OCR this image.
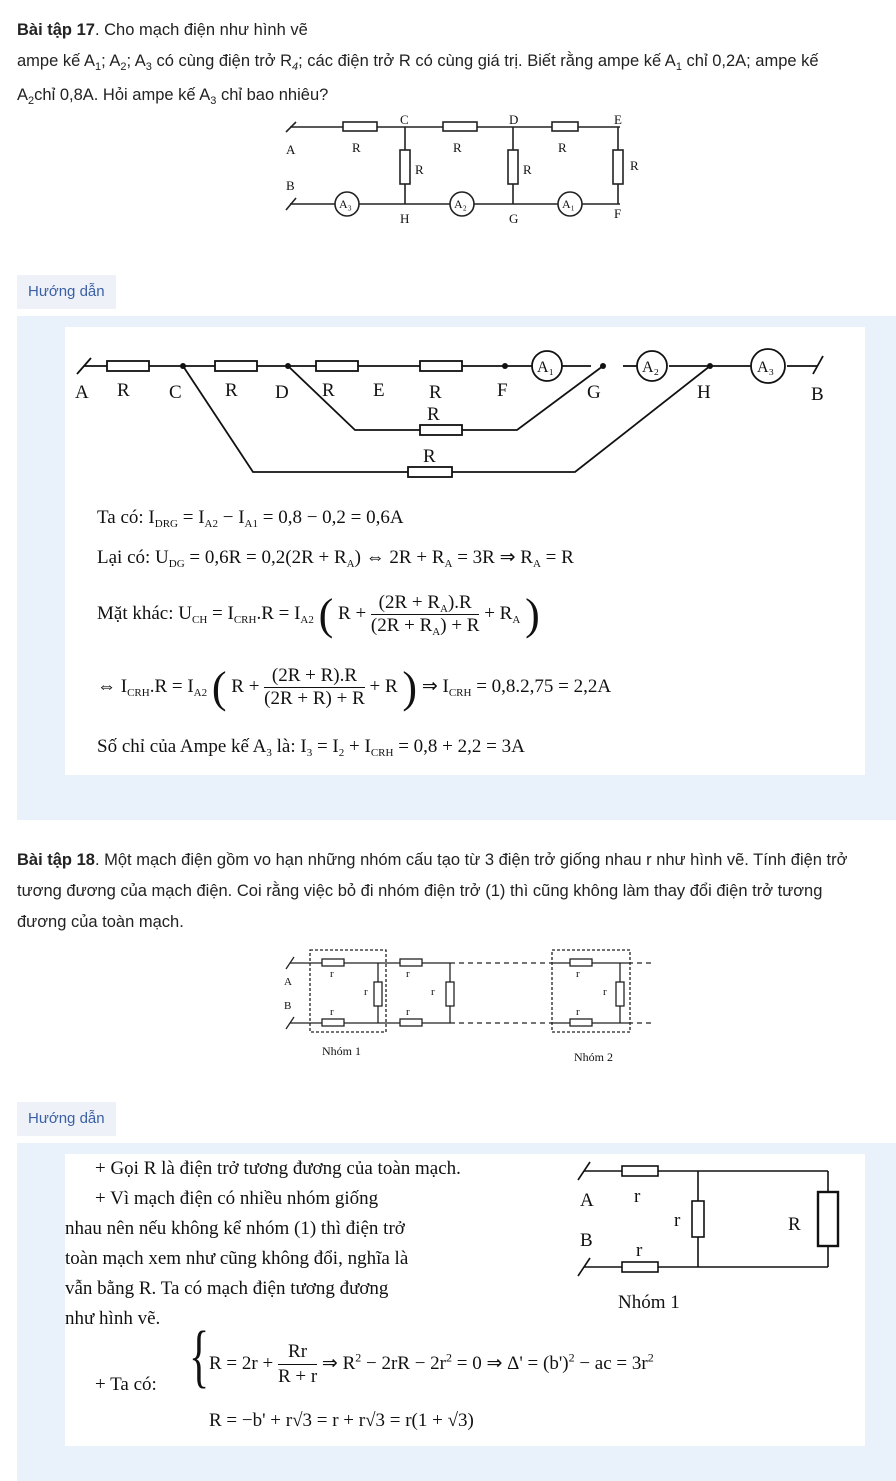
Bài tập 17. Cho mạch điện như hình vẽ
ampe kế $A_1$; $A_2$; $A_3$ có cùng điện trở $R_4$; các điện trở R có cùng giá trị. Biết rằng ampe kế $A_1$ chỉ 0,2A; ampe kế
$A_2chỉ$ 0,8A. Hỏi ampe kế $A_3$ chỉ bao nhiêu?
A
B
C	D	E
R	R	R
R	R	R
H	G	F
A₃	A₂	A₁
Hướng dẫn
A R C R D R E R	F	G	H	B
R
R
A₁	A₂	A₃
Ta có: $I_{DRG} = I_{A2} - I_{A1} = 0,8 - 0,2 = 0,6A$
Lại có: $U_{DG} = 0,6R = 0,2(2R + R_A)$ ⇔ $2R + R_A = 3R$ ⇒ $R_A = R$
Mặt khác: $U_{CH} = I_{CRH}.R = I_{A2}$ ( $R + \frac{(2R + R_A).R}{(2R + R_A) + R} + R_A$ )
⇔ $I_{CRH}.R = I_{A2}$ ( $R + \frac{(2R + R).R}{(2R + R) + R} + R$ ) ⇒ $I_{CRH} = 0,8.2,75 = 2,2A$
Số chỉ của Ampe kế $A_3$ là: $I_3 = I_2 + I_{CRH} = 0,8 + 2,2 = 3A$
Bài tập 18. Một mạch điện gồm vo hạn những nhóm cấu tạo từ 3 điện trở giống nhau r như hình vẽ. Tính điện trở
tương đương của mạch điện. Coi rằng việc bỏ đi nhóm điện trở (1) thì cũng không làm thay đổi điện trở tương
đương của toàn mạch.
A
B
r
r
r
r
r
r
r
r
r
Nhóm 1	Nhóm 2
Hướng dẫn
+ Gọi R là điện trở tương đương của toàn mạch.
+ Vì mạch điện có nhiều nhóm giống
nhau nên nếu không kể nhóm (1) thì điện trở
toàn mạch xem như cũng không đổi, nghĩa là
vẫn bằng R. Ta có mạch điện tương đương
như hình vẽ.
A
B
r
r
r
R
Nhóm 1
+ Ta có: { $R = 2r + \frac{Rr}{R + r}$ ⇒ $R^2 - 2rR - 2r^2 = 0$ ⇒ $\Delta' = (b')^2$ − ac = $3r^2$
R = −b' + r√3 = r + r√3 = r(1 + √3)
